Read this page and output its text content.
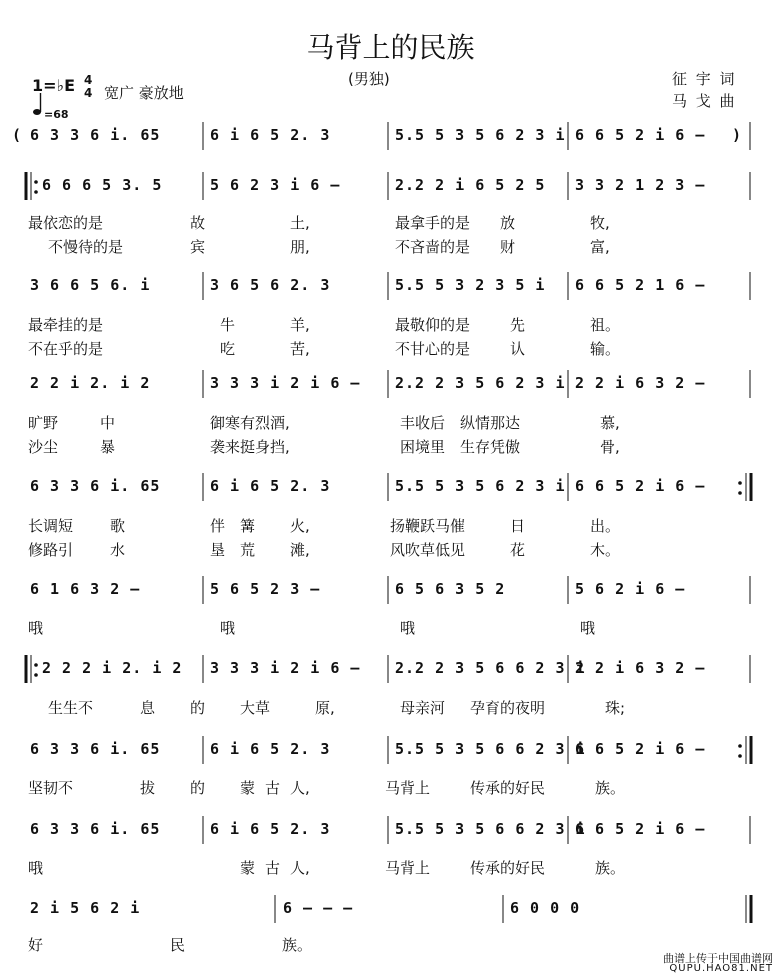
马背上的民族
(男独)
1=♭E 4
4 宽广 豪放地
=68
征 宇 词
马 戈 曲
( 6 3 3 6 i. 65	6 i 6 5 2. 3	5.5 5 3 5 6 2 3 i 6 6 5 2 i 6 – )
6 6 6 5 3. 5	5 6 2 3 i 6 –	2.2 2 i 6 5 2 5 3 3 2 1 2 3 –
3 6 6 5 6. i	3 6 5 6 2. 3	5.5 5 3 2 3 5 i 6 6 5 2 1 6 –
2 2 i 2. i 2	3 3 3 i 2 i 6 – 2.2 2 3 5 6 2 3 i 2 2 i 6 3 2 –
6 3 3 6 i. 65	6 i 6 5 2. 3	5.5 5 3 5 6 2 3 i 6 6 5 2 i 6 –
6 1 6 3 2 –	5 6 5 2 3 –	6 5 6 3 5 2	5 6 2 i 6 –
2 2 2 i 2. i 2 3 3 3 i 2 i 6 – 2.2 2 3 5 6 6 2 3 i
2 2 i 6 3 2 –
6 3 3 6 i. 65	6 i 6 5 2. 3	5.5 5 3 5 6 6 2 3 i
6 6 5 2 i 6 –
6 3 3 6 i. 65	6 i 6 5 2. 3	5.5 5 3 5 6 6 2 3 i
6 6 5 2 i 6 –
2 i 5 6 2 i	6 – – –	6 0 0 0
曲谱上传于中国曲谱网
QUPU.HAO81.NET
最依恋的是	故	土,	最拿手的是 放	牧,
不慢待的是	宾	朋,	不吝啬的是 财	富,
最牵挂的是	牛	羊,	最敬仰的是	先	祖。
不在乎的是	吃	苦,	不甘心的是	认	输。
旷野	中	御寒有烈酒,	丰收后 纵情那达	慕,
沙尘	暴	袭来挺身挡,	困境里 生存凭傲	骨,
长调短 歌	伴 篝 火,	扬鞭跃马催	日	出。
修路引 水	垦 荒 滩,	风吹草低见	花	木。
哦	哦	哦	哦
生生不	息 的 大草	原,	母亲河 孕育的夜明	珠;
坚韧不	拔 的 蒙 古 人,	马背上	传承的好民	族。
哦	蒙 古 人,	马背上	传承的好民	族。
好	民	族。
